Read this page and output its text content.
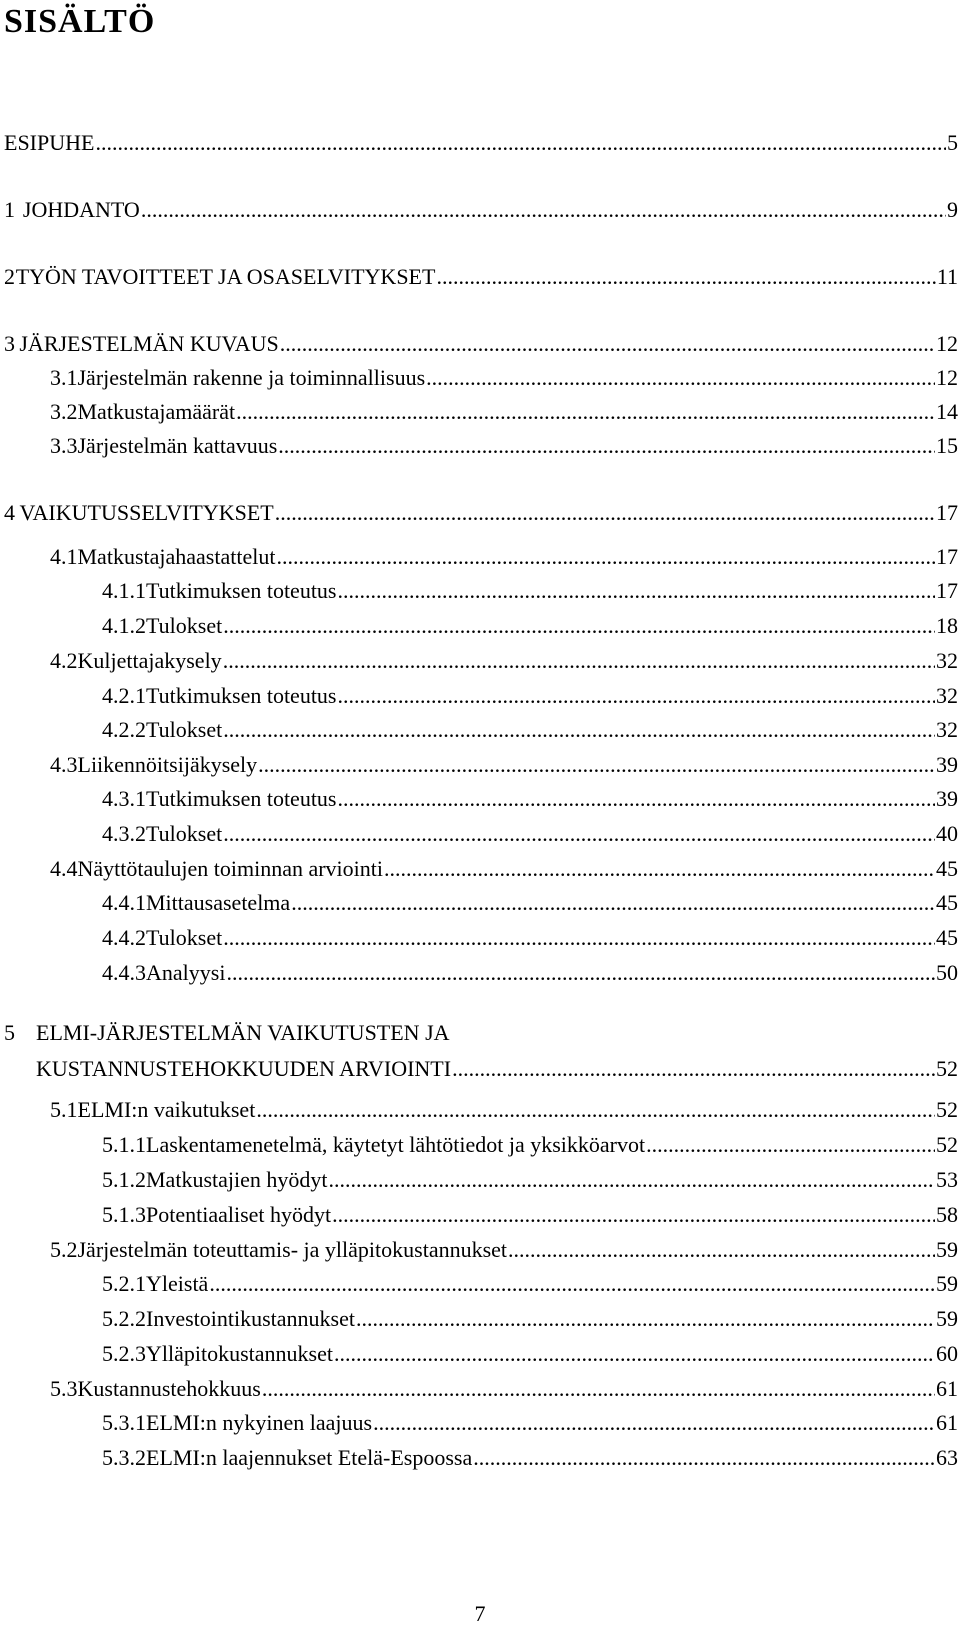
SISÄLTÖ
ESIPUHE .....	5
1 JOHDANTO .....	9
2 TYÖN TAVOITTEET JA OSASELVITYKSET .....	11
3 JÄRJESTELMÄN KUVAUS .....	12
3.1 Järjestelmän rakenne ja toiminnallisuus .....	12
3.2 Matkustajamäärät .....	14
3.3 Järjestelmän kattavuus .....	15
4 VAIKUTUSSELVITYKSET .....	17
4.1 Matkustajahaastattelut .....	17
4.1.1 Tutkimuksen toteutus .....	17
4.1.2 Tulokset .....	18
4.2 Kuljettajakysely .....	32
4.2.1 Tutkimuksen toteutus .....	32
4.2.2 Tulokset .....	32
4.3 Liikennöitsijäkysely .....	39
4.3.1 Tutkimuksen toteutus .....	39
4.3.2 Tulokset .....	40
4.4 Näyttötaulujen toiminnan arviointi .....	45
4.4.1 Mittausasetelma .....	45
4.4.2 Tulokset .....	45
4.4.3 Analyysi .....	50
5 ELMI-JÄRJESTELMÄN VAIKUTUSTEN JA
KUSTANNUSTEHOKKUUDEN ARVIOINTI .....	52
5.1 ELMI:n vaikutukset .....	52
5.1.1 Laskentamenetelmä, käytetyt lähtötiedot ja yksikköarvot .....	52
5.1.2 Matkustajien hyödyt .....	53
5.1.3 Potentiaaliset hyödyt .....	58
5.2 Järjestelmän toteuttamis- ja ylläpitokustannukset .....	59
5.2.1 Yleistä .....	59
5.2.2 Investointikustannukset .....	59
5.2.3 Ylläpitokustannukset .....	60
5.3 Kustannustehokkuus .....	61
5.3.1 ELMI:n nykyinen laajuus .....	61
5.3.2 ELMI:n laajennukset Etelä-Espoossa .....	63
7
